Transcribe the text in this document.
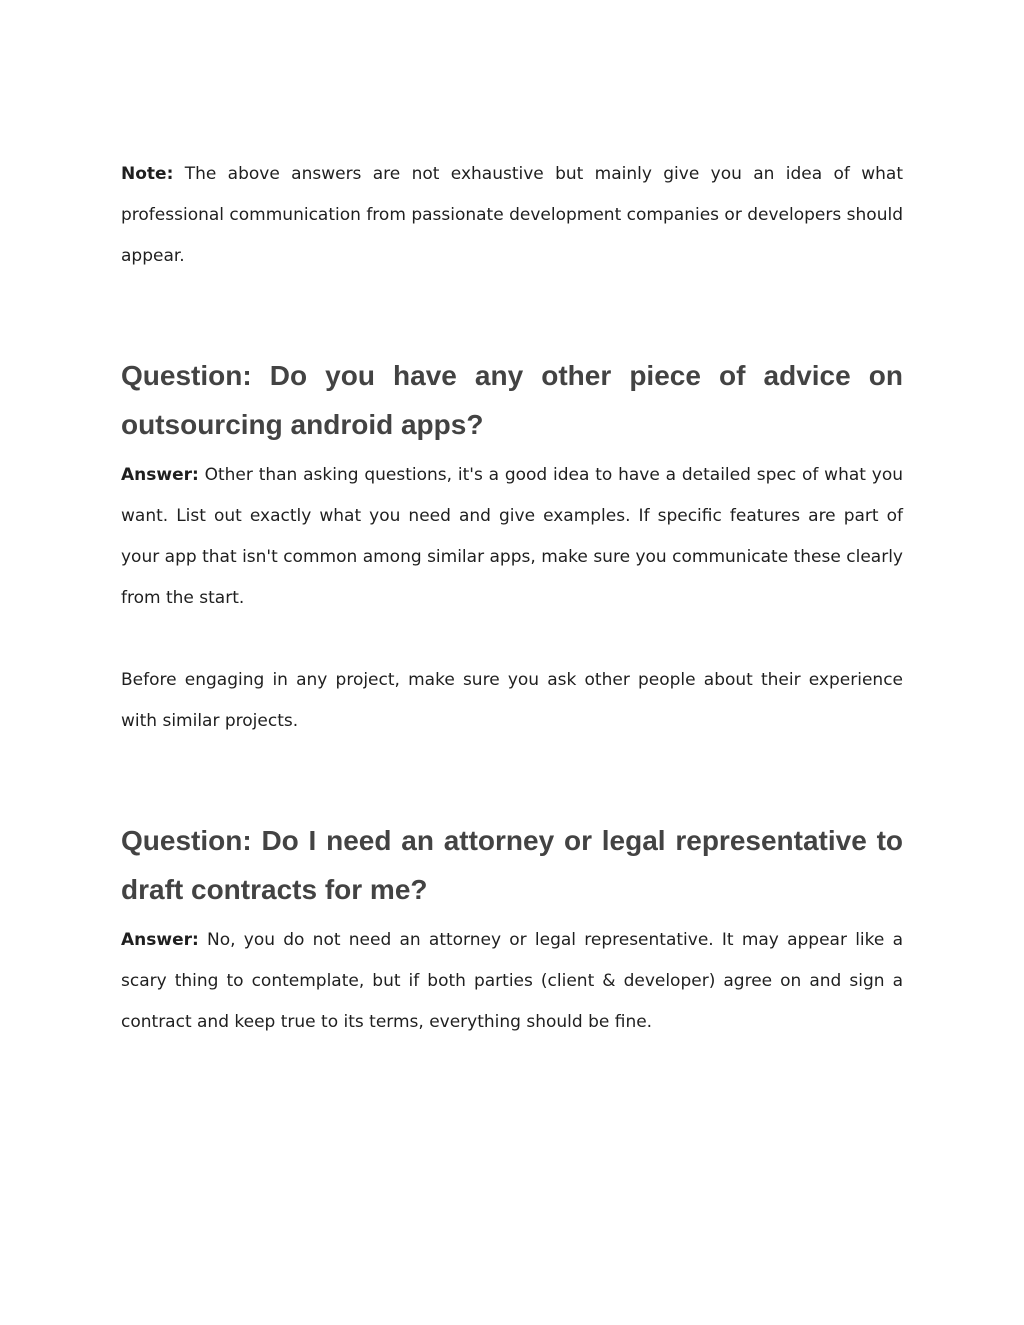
Note: The above answers are not exhaustive but mainly give you an idea of what professional communication from passionate development companies or developers should appear.

Question: Do you have any other piece of advice on outsourcing android apps?

Answer: Other than asking questions, it's a good idea to have a detailed spec of what you want. List out exactly what you need and give examples. If specific features are part of your app that isn't common among similar apps, make sure you communicate these clearly from the start.

Before engaging in any project, make sure you ask other people about their experience with similar projects.

Question: Do I need an attorney or legal representative to draft contracts for me?

Answer: No, you do not need an attorney or legal representative. It may appear like a scary thing to contemplate, but if both parties (client & developer) agree on and sign a contract and keep true to its terms, everything should be fine.
